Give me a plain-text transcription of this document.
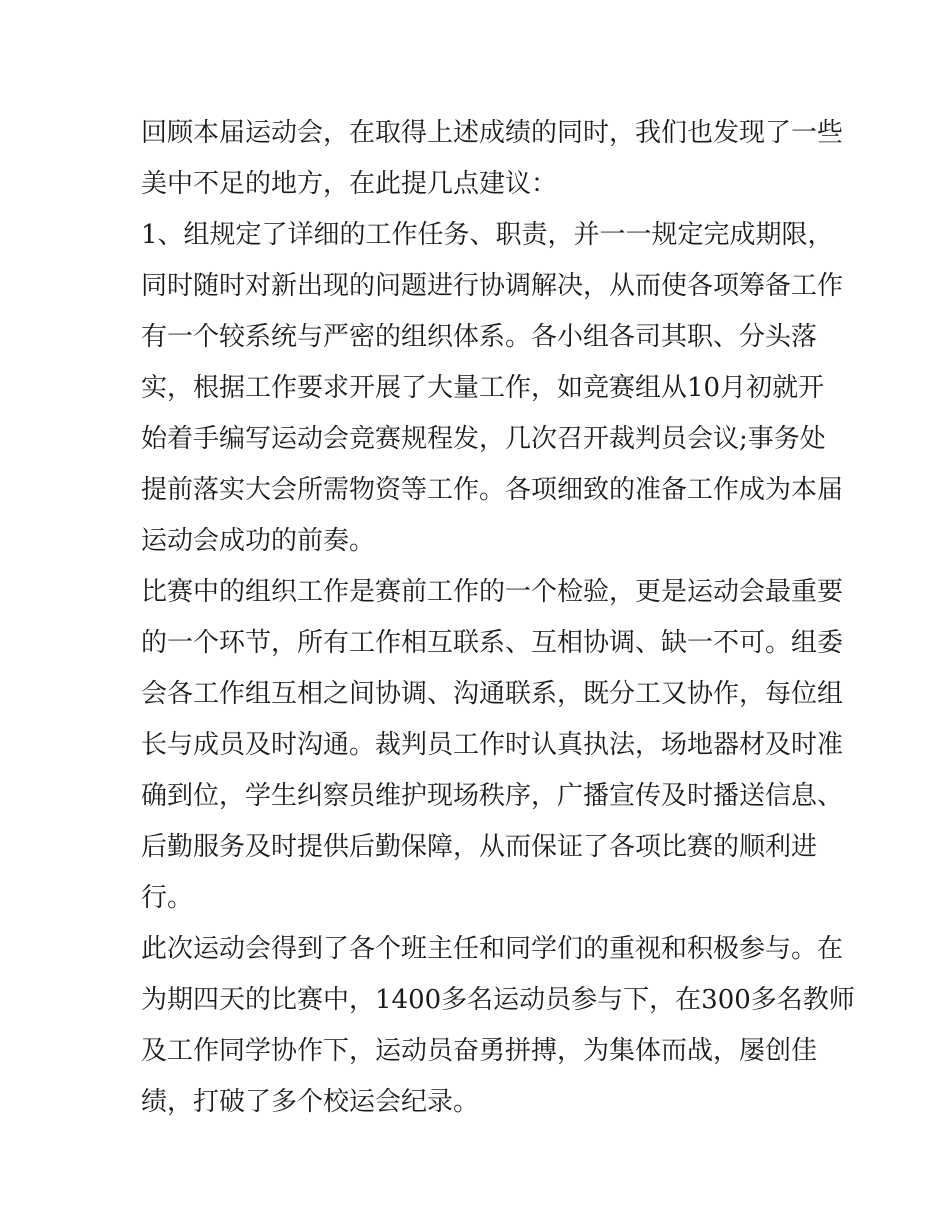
回顾本届运动会，在取得上述成绩的同时，我们也发现了一些
美中不足的地方，在此提几点建议：
1、组规定了详细的工作任务、职责，并一一规定完成期限，
同时随时对新出现的问题进行协调解决，从而使各项筹备工作
有一个较系统与严密的组织体系。各小组各司其职、分头落
实，根据工作要求开展了大量工作，如竞赛组从10月初就开
始着手编写运动会竞赛规程发，几次召开裁判员会议;事务处
提前落实大会所需物资等工作。各项细致的准备工作成为本届
运动会成功的前奏。
比赛中的组织工作是赛前工作的一个检验，更是运动会最重要
的一个环节，所有工作相互联系、互相协调、缺一不可。组委
会各工作组互相之间协调、沟通联系，既分工又协作，每位组
长与成员及时沟通。裁判员工作时认真执法，场地器材及时准
确到位，学生纠察员维护现场秩序，广播宣传及时播送信息、
后勤服务及时提供后勤保障，从而保证了各项比赛的顺利进
行。
此次运动会得到了各个班主任和同学们的重视和积极参与。在
为期四天的比赛中，1400多名运动员参与下，在300多名教师
及工作同学协作下，运动员奋勇拼搏，为集体而战，屡创佳
绩，打破了多个校运会纪录。
